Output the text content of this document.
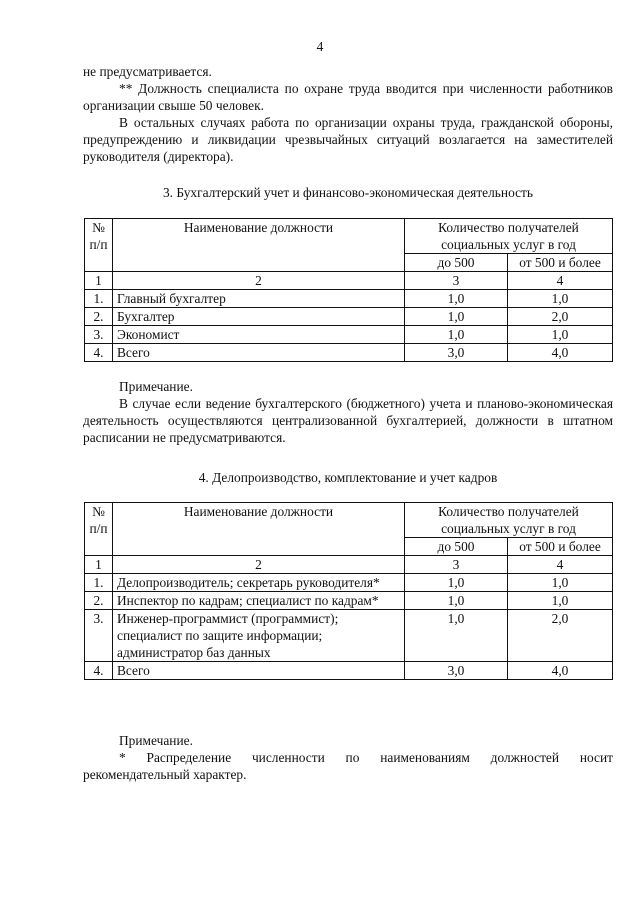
4

не предусматривается.

** Должность специалиста по охране труда вводится при численности работников организации свыше 50 человек.

В остальных случаях работа по организации охраны труда, гражданской обороны, предупреждению и ликвидации чрезвычайных ситуаций возлагается на заместителей руководителя (директора).

3. Бухгалтерский учет и финансово-экономическая деятельность
№ п/п	Наименование должности	Количество получателей социальных услуг в год	
		до 500	от 500 и более
1	2	3	4
1.	Главный бухгалтер	1,0	1,0
2.	Бухгалтер	1,0	2,0
3.	Экономист	1,0	1,0
4.	Всего	3,0	4,0

Примечание.

В случае если ведение бухгалтерского (бюджетного) учета и планово-экономическая деятельность осуществляются централизованной бухгалтерией, должности в штатном расписании не предусматриваются.

4. Делопроизводство, комплектование и учет кадров
№ п/п	Наименование должности	Количество получателей социальных услуг в год	
		до 500	от 500 и более
1	2	3	4
1.	Делопроизводитель; секретарь руководителя*	1,0	1,0
2.	Инспектор по кадрам; специалист по кадрам*	1,0	1,0
3.	Инженер-программист (программист); специалист по защите информации; администратор баз данных	1,0	2,0
4.	Всего	3,0	4,0

Примечание.

* Распределение численности по наименованиям должностей носит рекомендательный характер.
